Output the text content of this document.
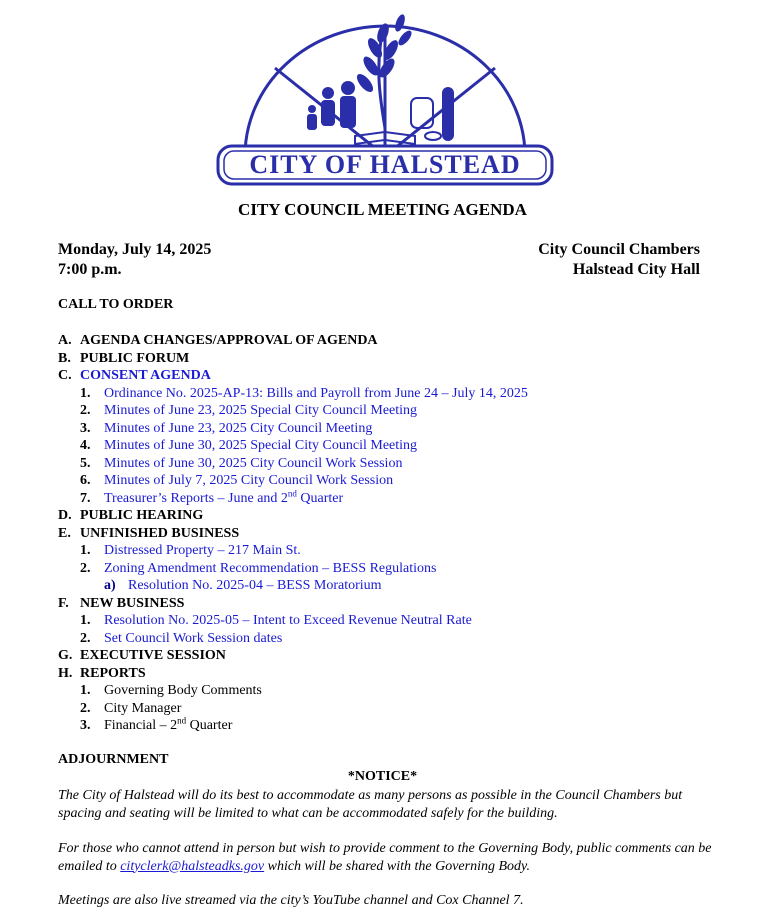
CITY OF HALSTEAD
CITY COUNCIL MEETING AGENDA
Monday, July 14, 2025
7:00 p.m.
City Council Chambers
Halstead City Hall
CALL TO ORDER
A. AGENDA CHANGES/APPROVAL OF AGENDA
B. PUBLIC FORUM
C. CONSENT AGENDA
1. Ordinance No. 2025-AP-13: Bills and Payroll from June 24 – July 14, 2025
2. Minutes of June 23, 2025 Special City Council Meeting
3. Minutes of June 23, 2025 City Council Meeting
4. Minutes of June 30, 2025 Special City Council Meeting
5. Minutes of June 30, 2025 City Council Work Session
6. Minutes of July 7, 2025 City Council Work Session
7. Treasurer’s Reports – June and 2nd Quarter
D. PUBLIC HEARING
E. UNFINISHED BUSINESS
1. Distressed Property – 217 Main St.
2. Zoning Amendment Recommendation – BESS Regulations
a) Resolution No. 2025-04 – BESS Moratorium
F. NEW BUSINESS
1. Resolution No. 2025-05 – Intent to Exceed Revenue Neutral Rate
2. Set Council Work Session dates
G. EXECUTIVE SESSION
H. REPORTS
1. Governing Body Comments
2. City Manager
3. Financial – 2nd Quarter
ADJOURNMENT
*NOTICE*
The City of Halstead will do its best to accommodate as many persons as possible in the Council Chambers but spacing and seating will be limited to what can be accommodated safely for the building.
For those who cannot attend in person but wish to provide comment to the Governing Body, public comments can be emailed to cityclerk@halsteadks.gov which will be shared with the Governing Body.
Meetings are also live streamed via the city’s YouTube channel and Cox Channel 7.
